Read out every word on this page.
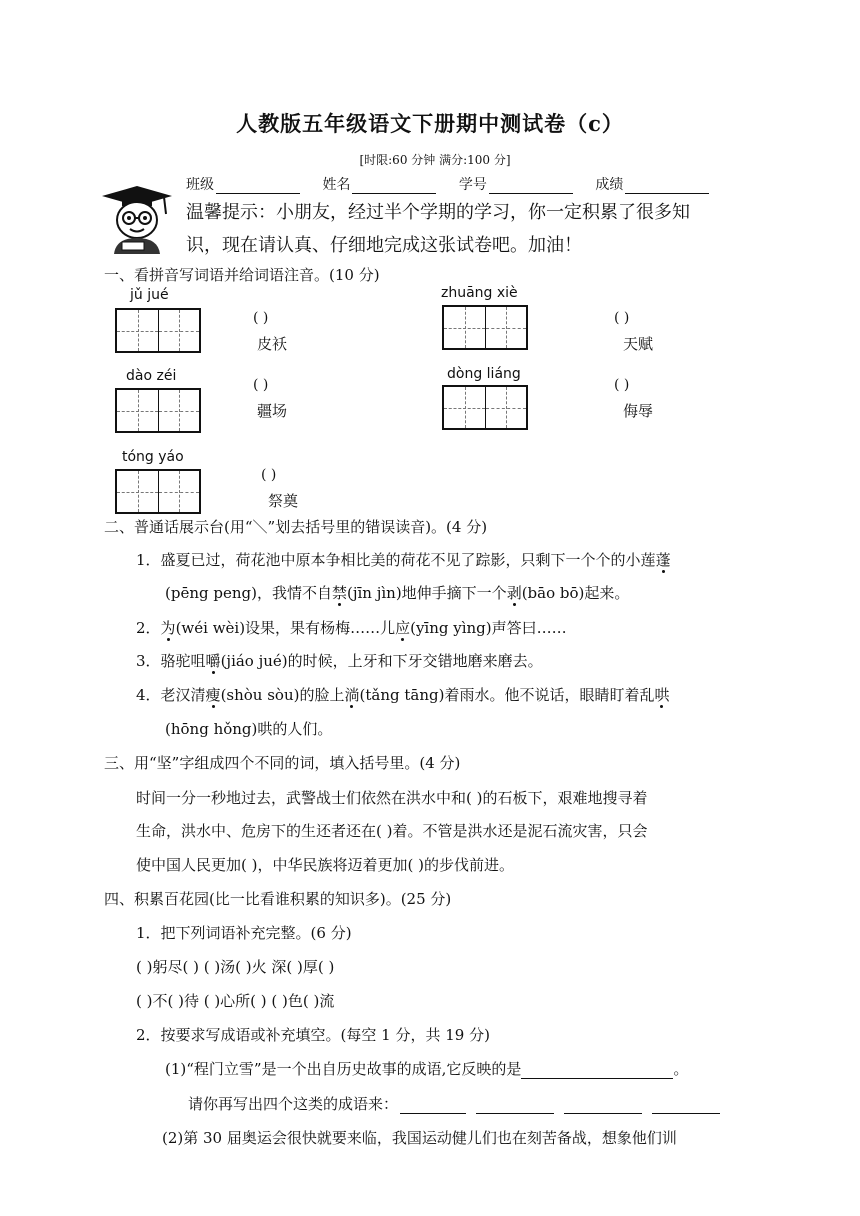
人教版五年级语文下册期中测试卷（c）
[时限:60 分钟 满分:100 分]
班级	姓名	学号	成绩
温馨提示：小朋友，经过半个学期的学习，你一定积累了很多知
识，现在请认真、仔细地完成这张试卷吧。加油！
一、看拼音写词语并给词语注音。(10 分)
jǔ jué
( )
皮袄
zhuāng xiè
( )
天赋
dào zéi
( )
疆场
dòng liáng
( )
侮辱
tóng yáo
( )
祭奠
二、普通话展示台(用“＼”划去括号里的错误读音)。(4 分)
1．盛夏已过，荷花池中原本争相比美的荷花不见了踪影，只剩下一个个的小莲蓬
(pēng peng)，我情不自禁(jīn jìn)地伸手摘下一个剥(bāo bō)起来。
2．为(wéi wèi)设果，果有杨梅……儿应(yīng yìng)声答曰……
3．骆驼咀嚼(jiáo jué)的时候，上牙和下牙交错地磨来磨去。
4．老汉清瘦(shòu sòu)的脸上淌(tǎng tāng)着雨水。他不说话，眼睛盯着乱哄
(hōng hǒng)哄的人们。
三、用“坚”字组成四个不同的词，填入括号里。(4 分)
时间一分一秒地过去，武警战士们依然在洪水中和( )的石板下，艰难地搜寻着
生命，洪水中、危房下的生还者还在( )着。不管是洪水还是泥石流灾害，只会
使中国人民更加( )，中华民族将迈着更加( )的步伐前进。
四、积累百花园(比一比看谁积累的知识多)。(25 分)
1．把下列词语补充完整。(6 分)
( )躬尽( ) ( )汤( )火 深( )厚( )
( )不( )待 ( )心所( ) ( )色( )流
2．按要求写成语或补充填空。(每空 1 分，共 19 分)
(1)“程门立雪”是一个出自历史故事的成语,它反映的是	。
请你再写出四个这类的成语来：
(2)第 30 届奥运会很快就要来临，我国运动健儿们也在刻苦备战，想象他们训
